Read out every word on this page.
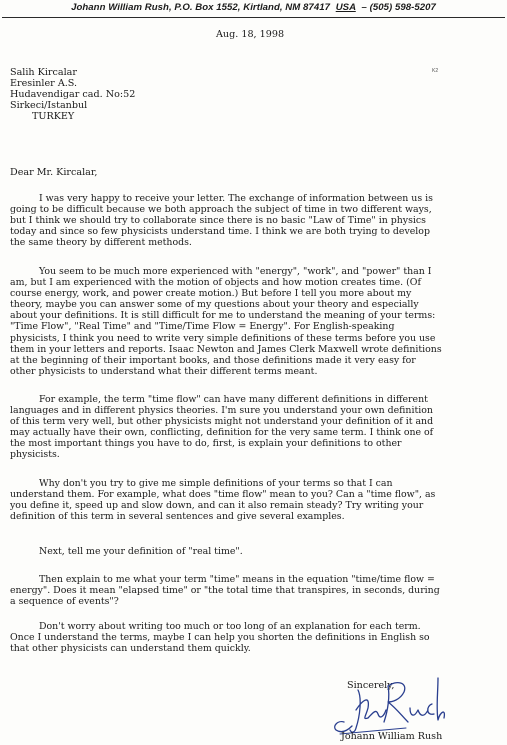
Johann William Rush, P.O. Box 1552, Kirtland, NM 87417 USA – (505) 598-5207
Aug. 18, 1998
Salih Kircalar
Eresinler A.S.
Hudavendigar cad. No:52
Sirkeci/Istanbul
TURKEY
K2
Dear Mr. Kircalar,
I was very happy to receive your letter. The exchange of information between us is
going to be difficult because we both approach the subject of time in two different ways,
but I think we should try to collaborate since there is no basic "Law of Time" in physics
today and since so few physicists understand time. I think we are both trying to develop
the same theory by different methods.
You seem to be much more experienced with "energy", "work", and "power" than I
am, but I am experienced with the motion of objects and how motion creates time. (Of
course energy, work, and power create motion.) But before I tell you more about my
theory, maybe you can answer some of my questions about your theory and especially
about your definitions. It is still difficult for me to understand the meaning of your terms:
"Time Flow", "Real Time" and "Time/Time Flow = Energy". For English-speaking
physicists, I think you need to write very simple definitions of these terms before you use
them in your letters and reports. Isaac Newton and James Clerk Maxwell wrote definitions
at the beginning of their important books, and those definitions made it very easy for
other physicists to understand what their different terms meant.
For example, the term "time flow" can have many different definitions in different
languages and in different physics theories. I'm sure you understand your own definition
of this term very well, but other physicists might not understand your definition of it and
may actually have their own, conflicting, definition for the very same term. I think one of
the most important things you have to do, first, is explain your definitions to other
physicists.
Why don't you try to give me simple definitions of your terms so that I can
understand them. For example, what does "time flow" mean to you? Can a "time flow", as
you define it, speed up and slow down, and can it also remain steady? Try writing your
definition of this term in several sentences and give several examples.
Next, tell me your definition of "real time".
Then explain to me what your term "time" means in the equation "time/time flow =
energy". Does it mean "elapsed time" or "the total time that transpires, in seconds, during
a sequence of events"?
Don't worry about writing too much or too long of an explanation for each term.
Once I understand the terms, maybe I can help you shorten the definitions in English so
that other physicists can understand them quickly.
Sincerely,
Johann William Rush
